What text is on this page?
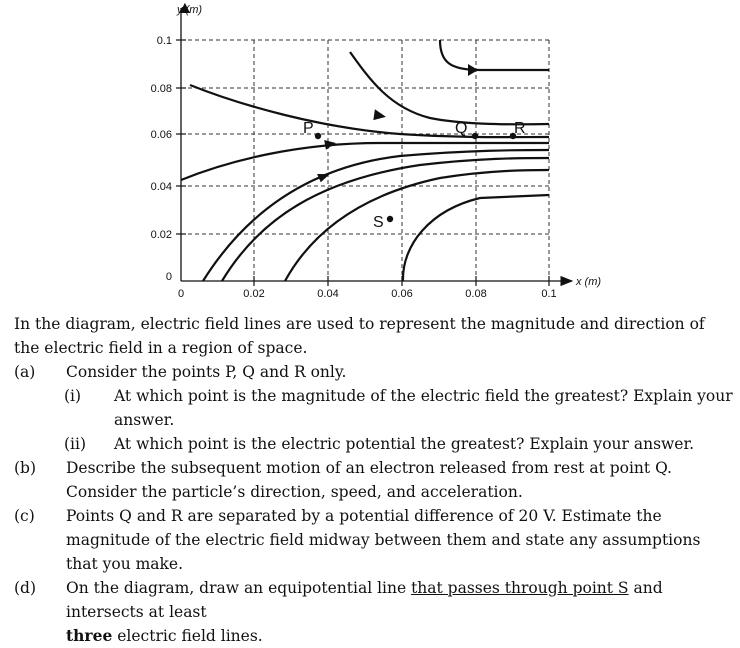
y (m)
x (m)
0.1
0.08
0.06
0.04
0.02
0
0	0.02	0.04	0.06	0.08	0.1
P	Q	R
S

In the diagram, electric field lines are used to represent the magnitude and direction of the electric field in a region of space.

(a) Consider the points P, Q and R only.
(i) At which point is the magnitude of the electric field the greatest? Explain your answer.
(ii) At which point is the electric potential the greatest? Explain your answer.
(b) Describe the subsequent motion of an electron released from rest at point Q. Consider the particle’s direction, speed, and acceleration.
(c) Points Q and R are separated by a potential difference of 20 V. Estimate the magnitude of the electric field midway between them and state any assumptions that you make.
(d) On the diagram, draw an equipotential line that passes through point S and intersects at least
three electric field lines.
